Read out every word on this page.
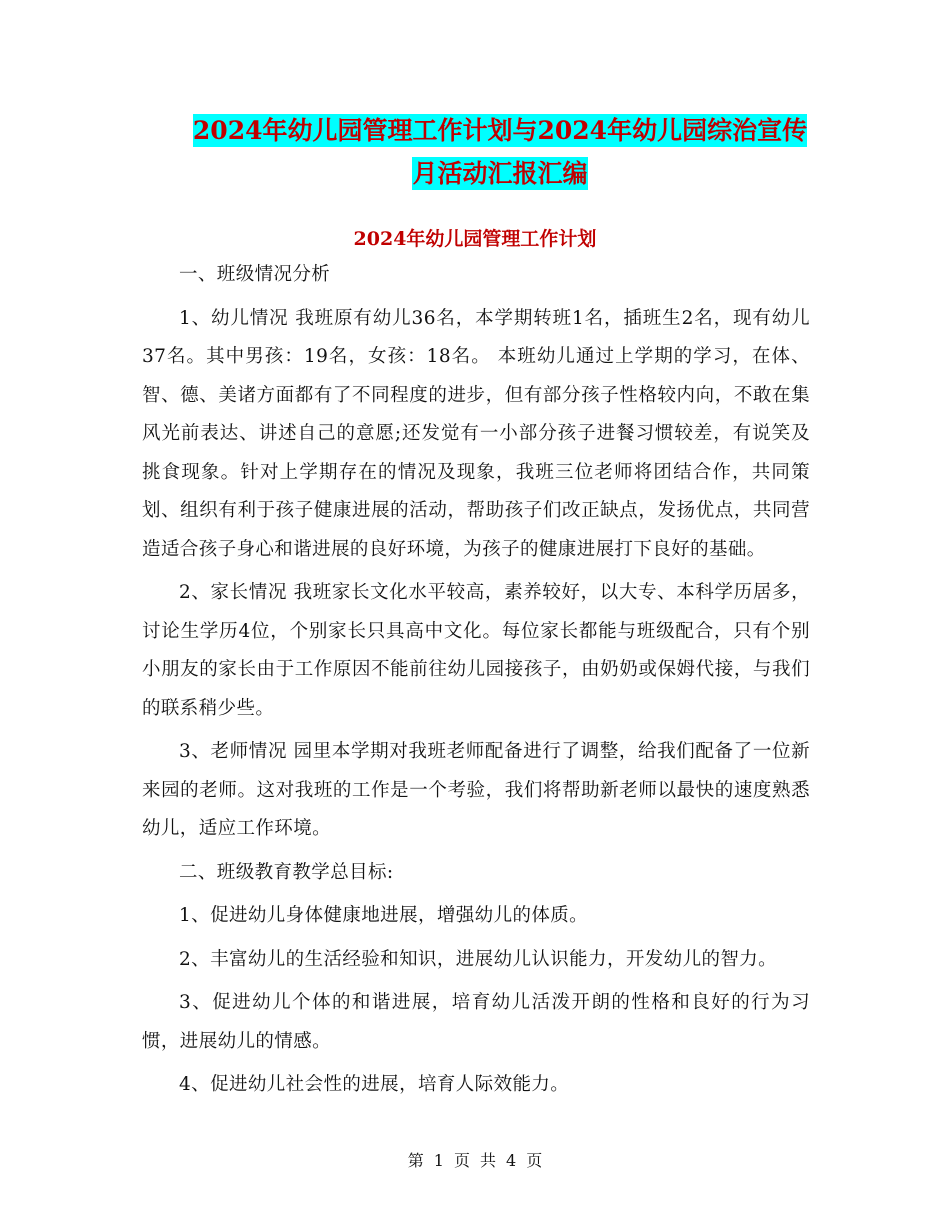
2024年幼儿园管理工作计划与2024年幼儿园综治宣传
月活动汇报汇编
2024年幼儿园管理工作计划

一、班级情况分析

1、幼儿情况 我班原有幼儿36名，本学期转班1名，插班生2名，现有幼儿37名。其中男孩：19名，女孩：18名。 本班幼儿通过上学期的学习，在体、智、德、美诸方面都有了不同程度的进步，但有部分孩子性格较内向，不敢在集风光前表达、讲述自己的意愿;还发觉有一小部分孩子进餐习惯较差，有说笑及挑食现象。针对上学期存在的情况及现象，我班三位老师将团结合作，共同策划、组织有利于孩子健康进展的活动，帮助孩子们改正缺点，发扬优点，共同营造适合孩子身心和谐进展的良好环境，为孩子的健康进展打下良好的基础。

2、家长情况 我班家长文化水平较高，素养较好，以大专、本科学历居多，讨论生学历4位，个别家长只具高中文化。每位家长都能与班级配合，只有个别小朋友的家长由于工作原因不能前往幼儿园接孩子，由奶奶或保姆代接，与我们的联系稍少些。

3、老师情况 园里本学期对我班老师配备进行了调整，给我们配备了一位新来园的老师。这对我班的工作是一个考验，我们将帮助新老师以最快的速度熟悉幼儿，适应工作环境。

二、班级教育教学总目标:

1、促进幼儿身体健康地进展，增强幼儿的体质。

2、丰富幼儿的生活经验和知识，进展幼儿认识能力，开发幼儿的智力。

3、促进幼儿个体的和谐进展，培育幼儿活泼开朗的性格和良好的行为习惯，进展幼儿的情感。

4、促进幼儿社会性的进展，培育人际效能力。

第 1 页 共 4 页
